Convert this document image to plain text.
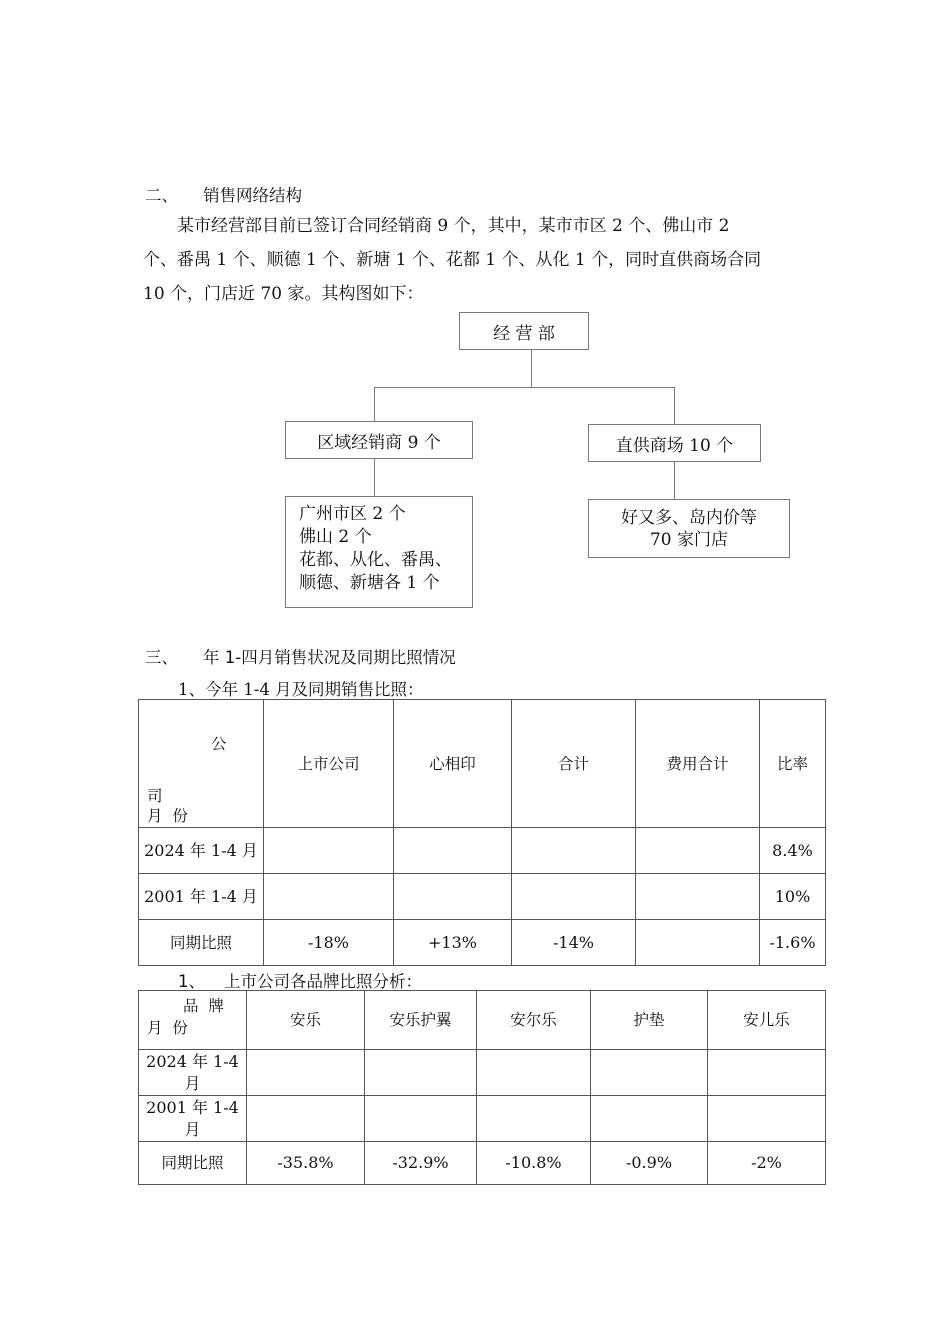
二、 销售网络结构
某市经营部目前已签订合同经销商 9 个，其中，某市市区 2 个、佛山市 2
个、番禺 1 个、顺德 1 个、新塘 1 个、花都 1 个、从化 1 个，同时直供商场合同
10 个，门店近 70 家。其构图如下：
经 营 部
区域经销商 9 个	直供商场 10 个
广州市区 2 个
佛山 2 个
花都、从化、番禺、
顺德、新塘各 1 个
好又多、岛内价等
70 家门店
三、 年 1-四月销售状况及同期比照情况
1、今年 1-4 月及同期销售比照：
公
司
月  份	上市公司	心相印	合计	费用合计	比率
2024 年 1-4 月					8.4%
2001 年 1-4 月					10%
同期比照	-18%	+13%	-14%		-1.6%
1、 上市公司各品牌比照分析：
品  牌
月  份	安乐	安乐护翼	安尔乐	护垫	安儿乐
2024 年 1-4 月					
2001 年 1-4 月					
同期比照	-35.8%	-32.9%	-10.8%	-0.9%	-2%
